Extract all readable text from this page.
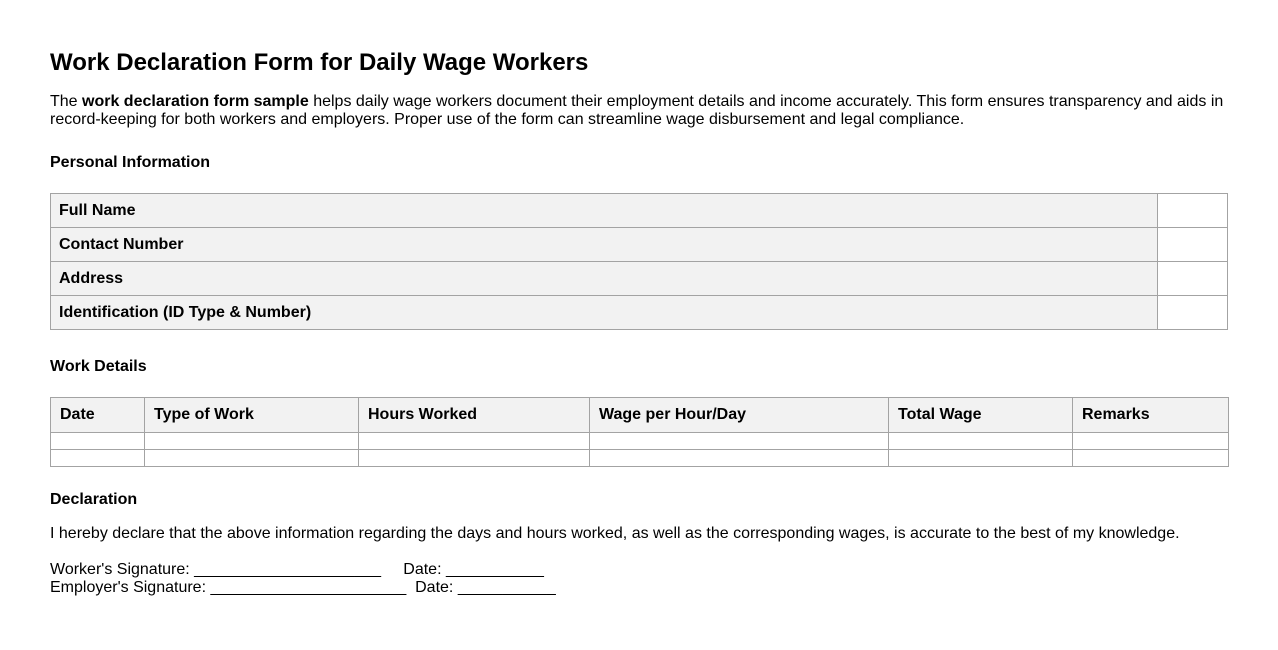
Work Declaration Form for Daily Wage Workers

The work declaration form sample helps daily wage workers document their employment details and income accurately. This form ensures transparency and aids in record-keeping for both workers and employers. Proper use of the form can streamline wage disbursement and legal compliance.

Personal Information
Full Name	
Contact Number	
Address	
Identification (ID Type & Number)	
Work Details
Date	Type of Work	Hours Worked	Wage per Hour/Day	Total Wage	Remarks

Declaration

I hereby declare that the above information regarding the days and hours worked, as well as the corresponding wages, is accurate to the best of my knowledge.

Worker's Signature: _____________________ Date: ___________
Employer's Signature: ______________________ Date: ___________
